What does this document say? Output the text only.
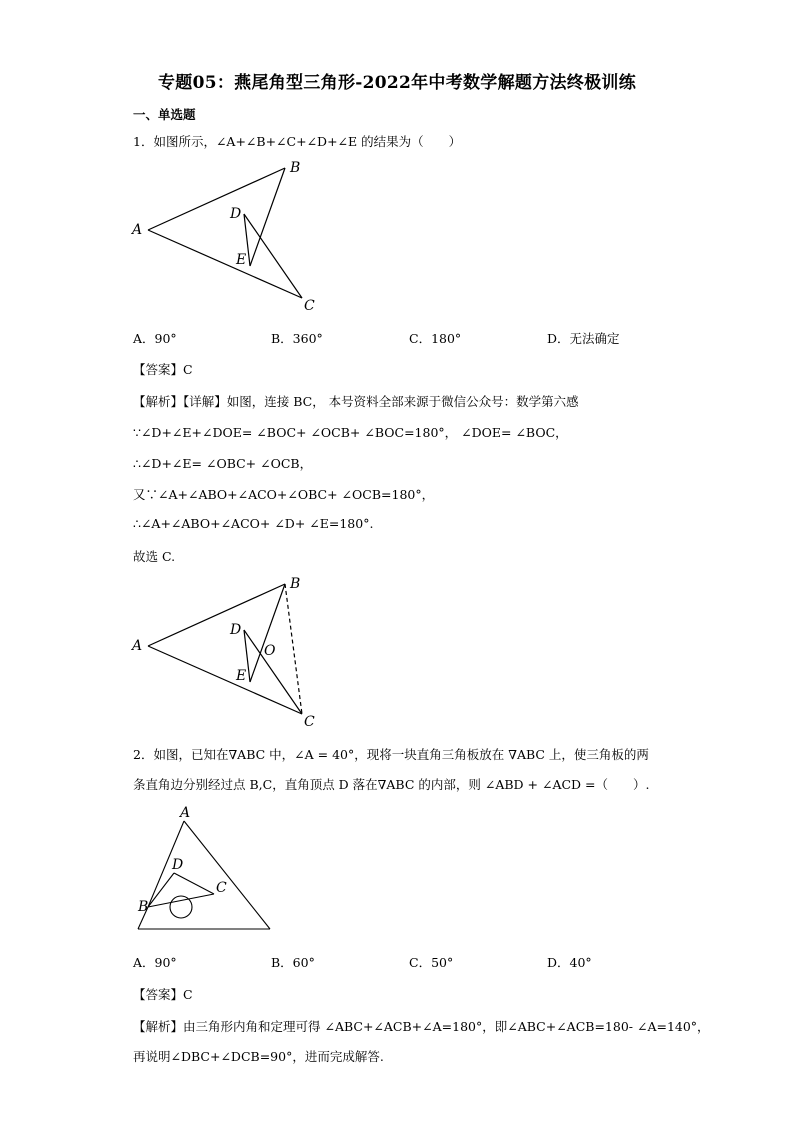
专题05：燕尾角型三角形-2022年中考数学解题方法终极训练
一、单选题
1．如图所示，∠A+∠B+∠C+∠D+∠E 的结果为（　　）
A
B
C
D
E
A．90°	B．360°	C．180°	D．无法确定
【答案】C
【解析】【详解】如图，连接 BC， 本号资料全部来源于微信公众号：数学第六感
∵∠D+∠E+∠DOE= ∠BOC+ ∠OCB+ ∠BOC=180°， ∠DOE= ∠BOC，
∴∠D+∠E= ∠OBC+ ∠OCB，
又∵∠A+∠ABO+∠ACO+∠OBC+ ∠OCB=180°，
∴∠A+∠ABO+∠ACO+ ∠D+ ∠E=180°.
故选 C.
A
B
C
D
E
O
2．如图，已知在∇ABC 中，∠A = 40°，现将一块直角三角板放在 ∇ABC 上，使三角板的两
条直角边分别经过点 B,C，直角顶点 D 落在∇ABC 的内部，则 ∠ABD + ∠ACD =（　　）.
A
B
C
D
A．90°	B．60°	C．50°	D．40°
【答案】C
【解析】由三角形内角和定理可得 ∠ABC+∠ACB+∠A=180°，即∠ABC+∠ACB=180- ∠A=140°，
再说明∠DBC+∠DCB=90°，进而完成解答.
